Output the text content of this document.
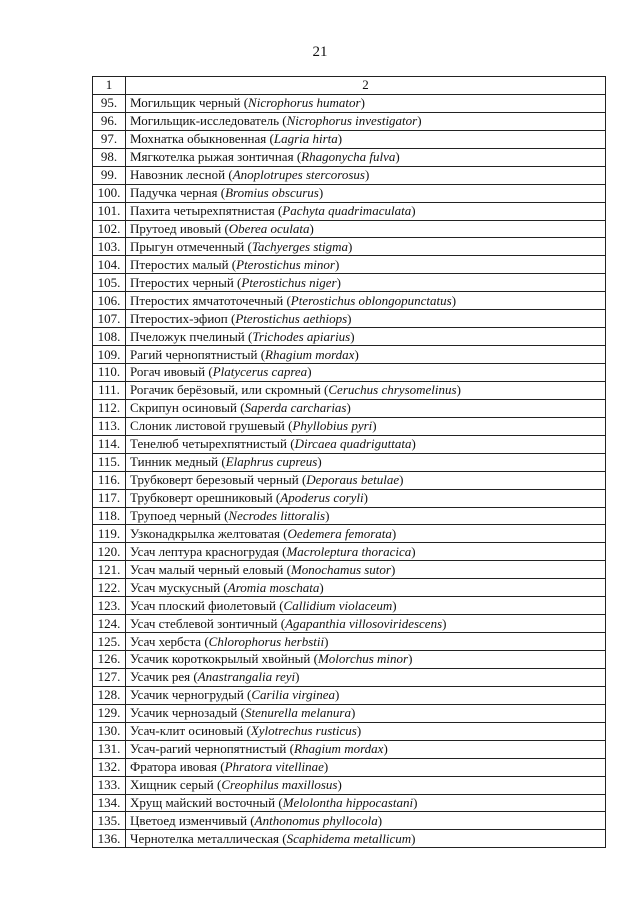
21
1	2
95.	Могильщик черный (Nicrophorus humator)
96.	Могильщик-исследователь (Nicrophorus investigator)
97.	Мохнатка обыкновенная (Lagria hirta)
98.	Мягкотелка рыжая зонтичная (Rhagonycha fulva)
99.	Навозник лесной (Anoplotrupes stercorosus)
100.	Падучка черная (Bromius obscurus)
101.	Пахита четырехпятнистая (Pachyta quadrimaculata)
102.	Прутоед ивовый (Oberea oculata)
103.	Прыгун отмеченный (Tachyerges stigma)
104.	Птеростих малый (Pterostichus minor)
105.	Птеростих черный (Pterostichus niger)
106.	Птеростих ямчатоточечный (Pterostichus oblongopunctatus)
107.	Птеростих-эфиоп (Pterostichus aethiops)
108.	Пчеложук пчелиный (Trichodes apiarius)
109.	Рагий чернопятнистый (Rhagium mordax)
110.	Рогач ивовый (Platycerus caprea)
111.	Рогачик берёзовый, или скромный (Ceruchus chrysomelinus)
112.	Скрипун осиновый (Saperda carcharias)
113.	Слоник листовой грушевый (Phyllobius pyri)
114.	Тенелюб четырехпятнистый (Dircaea quadriguttata)
115.	Тинник медный (Elaphrus cupreus)
116.	Трубковерт березовый черный (Deporaus betulae)
117.	Трубковерт орешниковый (Apoderus coryli)
118.	Трупоед черный (Necrodes littoralis)
119.	Узконадкрылка желтоватая (Oedemera femorata)
120.	Усач лептура красногрудая (Macroleptura thoracica)
121.	Усач малый черный еловый (Monochamus sutor)
122.	Усач мускусный (Aromia moschata)
123.	Усач плоский фиолетовый (Callidium violaceum)
124.	Усач стеблевой зонтичный (Agapanthia villosoviridescens)
125.	Усач хербста (Chlorophorus herbstii)
126.	Усачик короткокрылый хвойный (Molorchus minor)
127.	Усачик рея (Anastrangalia reyi)
128.	Усачик черногрудый (Carilia virginea)
129.	Усачик чернозадый (Stenurella melanura)
130.	Усач-клит осиновый (Xylotrechus rusticus)
131.	Усач-рагий чернопятнистый (Rhagium mordax)
132.	Фратора ивовая (Phratora vitellinae)
133.	Хищник серый (Creophilus maxillosus)
134.	Хрущ майский восточный (Melolontha hippocastani)
135.	Цветоед изменчивый (Anthonomus phyllocola)
136.	Чернотелка металлическая (Scaphidema metallicum)
